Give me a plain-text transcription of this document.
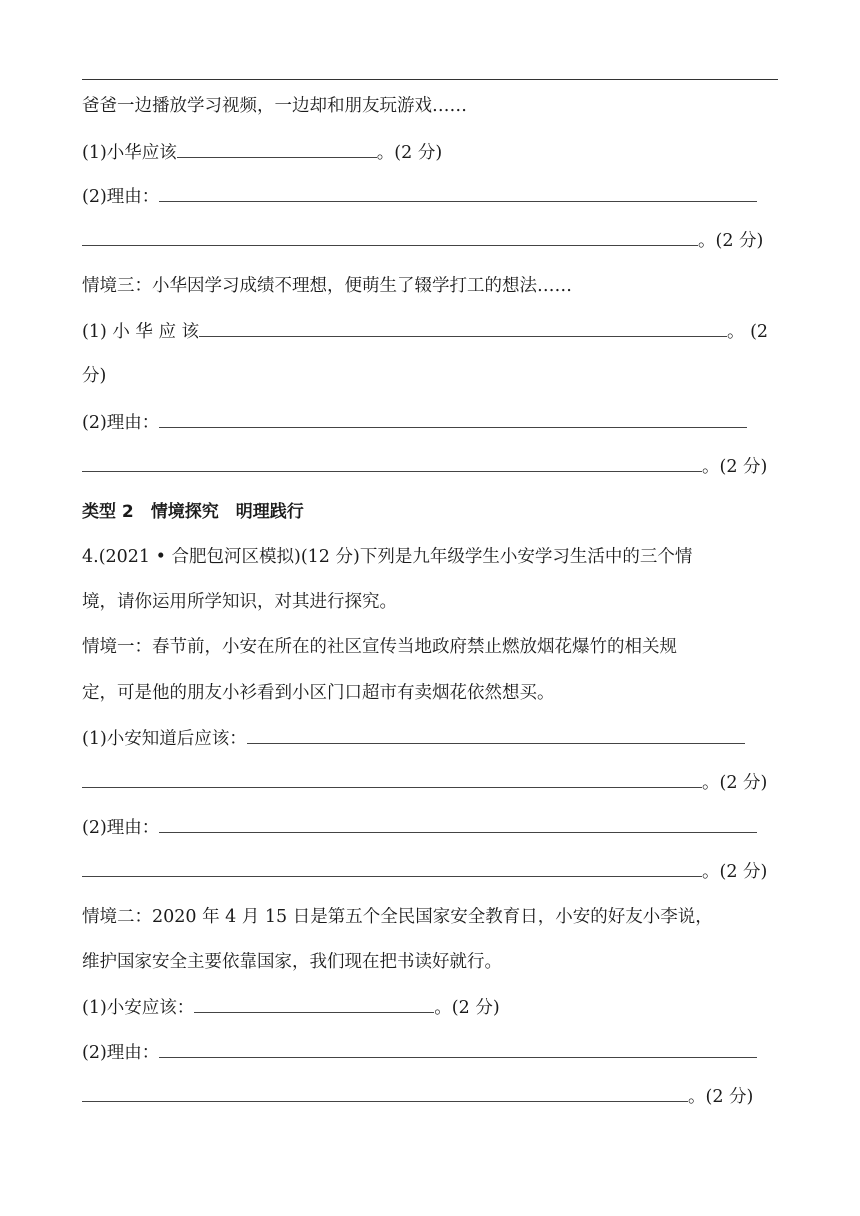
爸爸一边播放学习视频，一边却和朋友玩游戏……
(1)小华应该	。(2 分)
(2)理由：
。(2 分)
情境三：小华因学习成绩不理想，便萌生了辍学打工的想法……
(1) 小 华 应 该	。 (2
分)
(2)理由：
。(2 分)
类型 2　情境探究　明理践行
4.(2021 • 合肥包河区模拟)(12 分)下列是九年级学生小安学习生活中的三个情
境，请你运用所学知识，对其进行探究。
情境一：春节前，小安在所在的社区宣传当地政府禁止燃放烟花爆竹的相关规
定，可是他的朋友小衫看到小区门口超市有卖烟花依然想买。
(1)小安知道后应该：
。(2 分)
(2)理由：
。(2 分)
情境二：2020 年 4 月 15 日是第五个全民国家安全教育日，小安的好友小李说，
维护国家安全主要依靠国家，我们现在把书读好就行。
(1)小安应该：	。(2 分)
(2)理由：
。(2 分)
